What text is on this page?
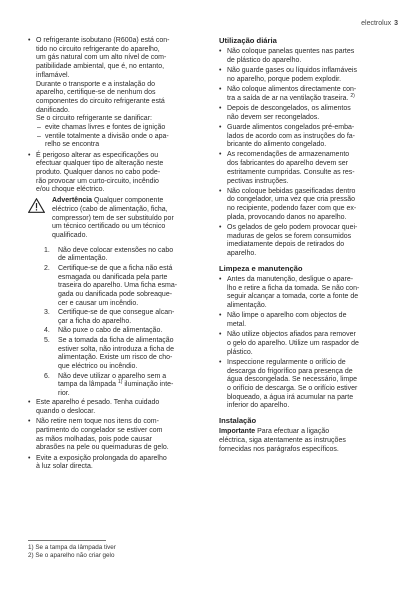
electrolux 3
• O refrigerante isobutano (R600a) está con-
tido no circuito refrigerante do aparelho,
um gás natural com um alto nível de com-
patibilidade ambiental, que é, no entanto,
inflamável.
Durante o transporte e a instalação do
aparelho, certifique-se de nenhum dos
componentes do circuito refrigerante está
danificado.
Se o circuito refrigerante se danificar:
– evite chamas livres e fontes de ignição
– ventile totalmente a divisão onde o apa-
relho se encontra
• É perigoso alterar as especificações ou
efectuar qualquer tipo de alteração neste
produto. Qualquer danos no cabo pode-
rão provocar um curto-circuito, incêndio
e/ou choque eléctrico.
Advertência Qualquer componente
eléctrico (cabo de alimentação, ficha,
compressor) tem de ser substituído por
um técnico certificado ou um técnico
qualificado.
1. Não deve colocar extensões no cabo
de alimentação.
2. Certifique-se de que a ficha não está
esmagada ou danificada pela parte
traseira do aparelho. Uma ficha esma-
gada ou danificada pode sobreaque-
cer e causar um incêndio.
3. Certifique-se de que consegue alcan-
çar a ficha do aparelho.
4. Não puxe o cabo de alimentação.
5. Se a tomada da ficha de alimentação
estiver solta, não introduza a ficha de
alimentação. Existe um risco de cho-
que eléctrico ou incêndio.
6. Não deve utilizar o aparelho sem a
tampa da lâmpada $^{1)}$ iluminação inte-
rior.
• Este aparelho é pesado. Tenha cuidado
quando o deslocar.
• Não retire nem toque nos itens do com-
partimento do congelador se estiver com
as mãos molhadas, pois pode causar
abrasões na pele ou queimaduras de gelo.
• Evite a exposição prolongada do aparelho
à luz solar directa.
Utilização diária
• Não coloque panelas quentes nas partes
de plástico do aparelho.
• Não guarde gases ou líquidos inflamáveis
no aparelho, porque podem explodir.
• Não coloque alimentos directamente con-
tra a saída de ar na ventilação traseira. $^{2)}$
• Depois de descongelados, os alimentos
não devem ser recongelados.
• Guarde alimentos congelados pré-emba-
lados de acordo com as instruções do fa-
bricante do alimento congelado.
• As recomendações de armazenamento
dos fabricantes do aparelho devem ser
estritamente cumpridas. Consulte as res-
pectivas instruções.
• Não coloque bebidas gaseificadas dentro
do congelador, uma vez que cria pressão
no recipiente, podendo fazer com que ex-
plada, provocando danos no aparelho.
• Os gelados de gelo podem provocar quei-
maduras de gelos se forem consumidos
imediatamente depois de retirados do
aparelho.
Limpeza e manutenção
• Antes da manutenção, desligue o apare-
lho e retire a ficha da tomada. Se não con-
seguir alcançar a tomada, corte a fonte de
alimentação.
• Não limpe o aparelho com objectos de
metal.
• Não utilize objectos afiados para remover
o gelo do aparelho. Utilize um raspador de
plástico.
• Inspeccione regularmente o orifício de
descarga do frigorífico para presença de
água descongelada. Se necessário, limpe
o orifício de descarga. Se o orifício estiver
bloqueado, a água irá acumular na parte
inferior do aparelho.
Instalação
Importante Para efectuar a ligação
eléctrica, siga atentamente as instruções
fornecidas nos parágrafos específicos.
1) Se a tampa da lâmpada tiver
2) Se o aparelho não criar gelo
